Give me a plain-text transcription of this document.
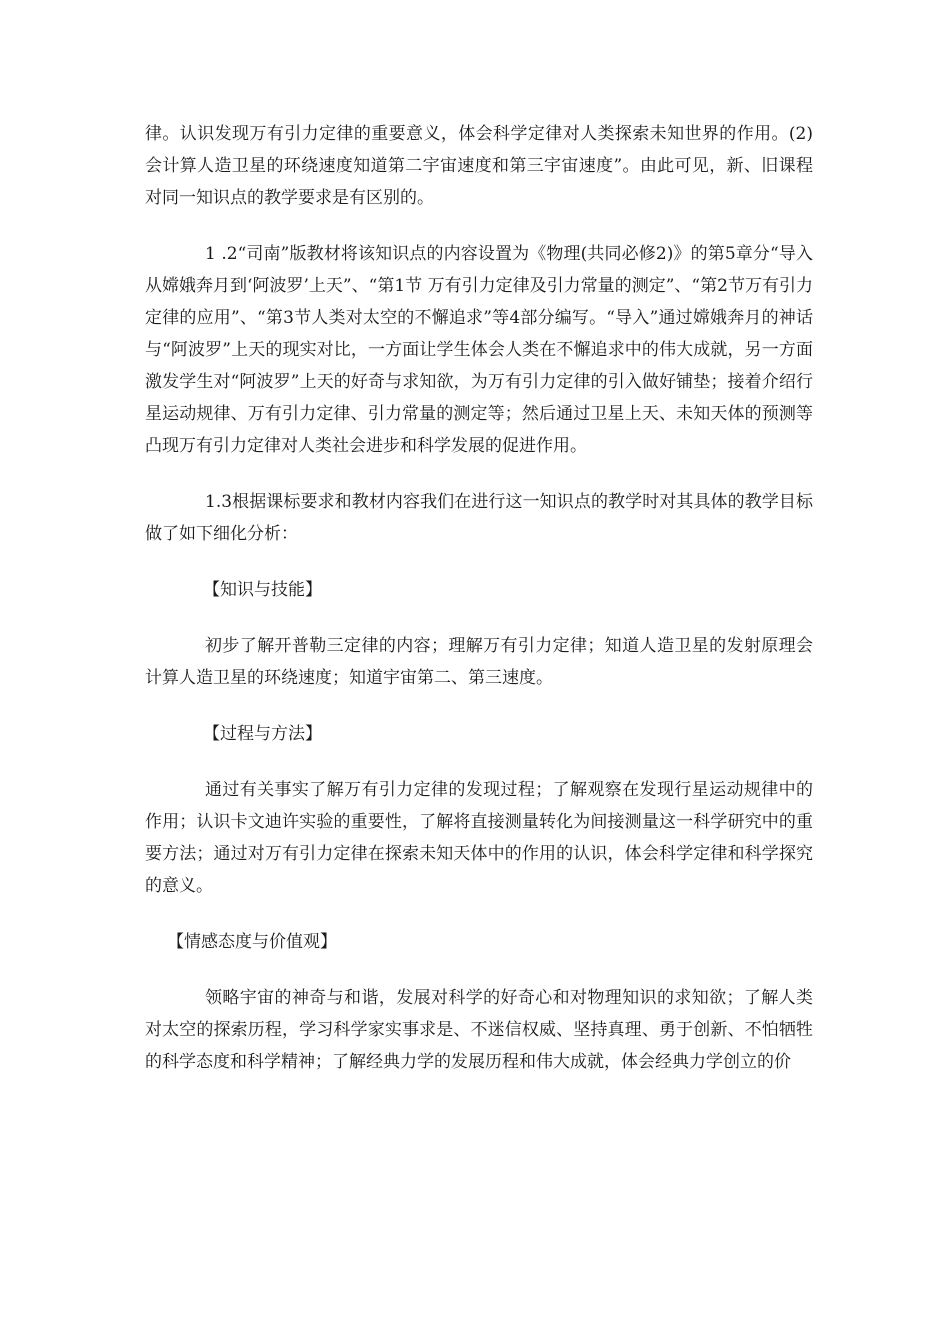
律。认识发现万有引力定律的重要意义，体会科学定律对人类探索未知世界的作用。(2)会计算人造卫星的环绕速度知道第二宇宙速度和第三宇宙速度”。由此可见，新、旧课程对同一知识点的教学要求是有区别的。

1 .2“司南”版教材将该知识点的内容设置为《物理(共同必修2)》的第5章分“导入从嫦娥奔月到‘阿波罗’上天”、“第1节 万有引力定律及引力常量的测定”、“第2节万有引力定律的应用”、“第3节人类对太空的不懈追求”等4部分编写。“导入”通过嫦娥奔月的神话与“阿波罗”上天的现实对比，一方面让学生体会人类在不懈追求中的伟大成就，另一方面激发学生对“阿波罗”上天的好奇与求知欲，为万有引力定律的引入做好铺垫；接着介绍行星运动规律、万有引力定律、引力常量的测定等；然后通过卫星上天、未知天体的预测等凸现万有引力定律对人类社会进步和科学发展的促进作用。

1.3根据课标要求和教材内容我们在进行这一知识点的教学时对其具体的教学目标做了如下细化分析：

【知识与技能】

初步了解开普勒三定律的内容；理解万有引力定律；知道人造卫星的发射原理会计算人造卫星的环绕速度；知道宇宙第二、第三速度。

【过程与方法】

通过有关事实了解万有引力定律的发现过程；了解观察在发现行星运动规律中的作用；认识卡文迪许实验的重要性，了解将直接测量转化为间接测量这一科学研究中的重要方法；通过对万有引力定律在探索未知天体中的作用的认识，体会科学定律和科学探究的意义。

【情感态度与价值观】

领略宇宙的神奇与和谐，发展对科学的好奇心和对物理知识的求知欲；了解人类对太空的探索历程，学习科学家实事求是、不迷信权威、坚持真理、勇于创新、不怕牺牲的科学态度和科学精神；了解经典力学的发展历程和伟大成就，体会经典力学创立的价
